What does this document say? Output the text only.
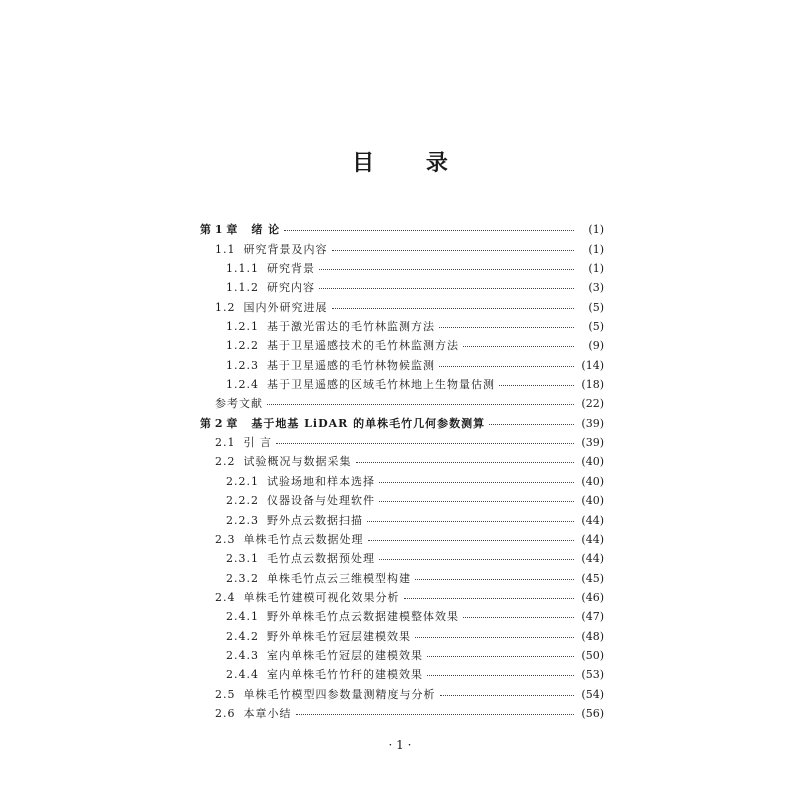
目 录
第 1 章 绪 论	(1)
1.1 研究背景及内容	(1)
1.1.1 研究背景	(1)
1.1.2 研究内容	(3)
1.2 国内外研究进展	(5)
1.2.1 基于激光雷达的毛竹林监测方法	(5)
1.2.2 基于卫星遥感技术的毛竹林监测方法	(9)
1.2.3 基于卫星遥感的毛竹林物候监测	(14)
1.2.4 基于卫星遥感的区域毛竹林地上生物量估测	(18)
参考文献	(22)
第 2 章 基于地基 LiDAR 的单株毛竹几何参数测算	(39)
2.1 引 言	(39)
2.2 试验概况与数据采集	(40)
2.2.1 试验场地和样本选择	(40)
2.2.2 仪器设备与处理软件	(40)
2.2.3 野外点云数据扫描	(44)
2.3 单株毛竹点云数据处理	(44)
2.3.1 毛竹点云数据预处理	(44)
2.3.2 单株毛竹点云三维模型构建	(45)
2.4 单株毛竹建模可视化效果分析	(46)
2.4.1 野外单株毛竹点云数据建模整体效果	(47)
2.4.2 野外单株毛竹冠层建模效果	(48)
2.4.3 室内单株毛竹冠层的建模效果	(50)
2.4.4 室内单株毛竹竹秆的建模效果	(53)
2.5 单株毛竹模型四参数量测精度与分析	(54)
2.6 本章小结	(56)
· 1 ·
